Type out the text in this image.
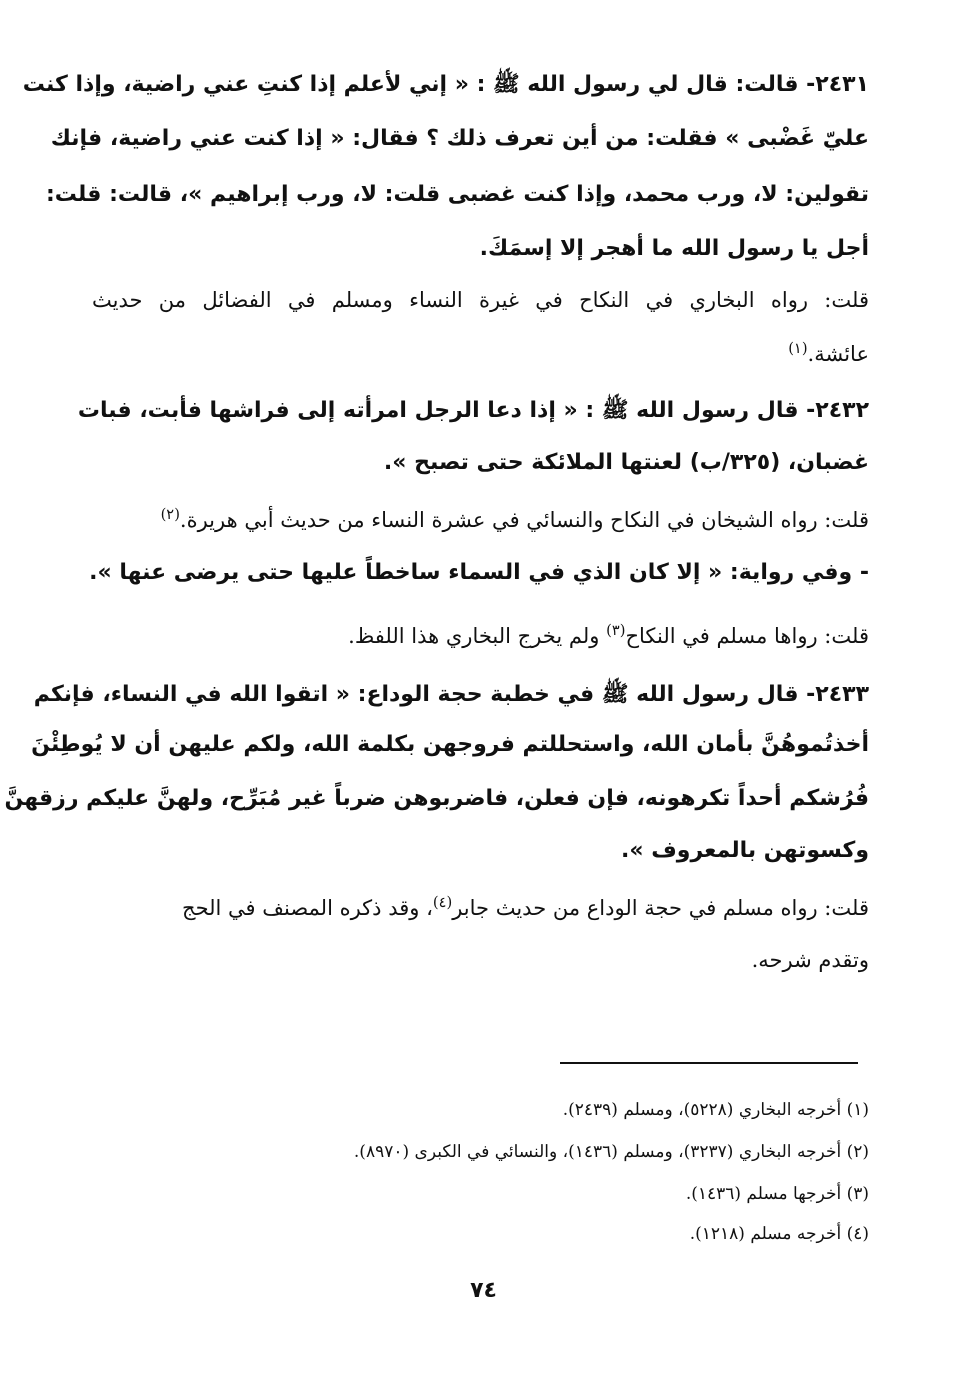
٢٤٣١- قالت: قال لي رسول الله ﷺ : « إني لأعلم إذا كنتِ عني راضية، وإذا كنت
عليّ غَضْبى » فقلت: من أين تعرف ذلك ؟ فقال: « إذا كنت عني راضية، فإنك
تقولين: لا، ورب محمد، وإذا كنت غضبى قلت: لا، ورب إبراهيم »، قالت: قلت:
أجل يا رسول الله ما أهجر إلا إسمَكَ.
قلت: رواه البخاري في النكاح في غيرة النساء ومسلم في الفضائل من حديث
عائشة.$^{(١)}$
٢٤٣٢- قال رسول الله ﷺ : « إذا دعا الرجل امرأته إلى فراشها فأبت، فبات
غضبان، (٣٢٥/ب) لعنتها الملائكة حتى تصبح ».
قلت: رواه الشيخان في النكاح والنسائي في عشرة النساء من حديث أبي هريرة.$^{(٢)}$
- وفي رواية: « إلا كان الذي في السماء ساخطاً عليها حتى يرضى عنها ».
قلت: رواها مسلم في النكاح$^{(٣)}$ ولم يخرج البخاري هذا اللفظ.
٢٤٣٣- قال رسول الله ﷺ في خطبة حجة الوداع: « اتقوا الله في النساء، فإنكم
أخذتُموهُنَّ بأمان الله، واستحللتم فروجهن بكلمة الله، ولكم عليهن أن لا يُوطِئْنَ
فُرُشكم أحداً تكرهونه، فإن فعلن، فاضربوهن ضرباً غير مُبَرِّح، ولهنَّ عليكم رزقهنَّ
وكسوتهن بالمعروف ».
قلت: رواه مسلم في حجة الوداع من حديث جابر$^{(٤)}$، وقد ذكره المصنف في الحج
وتقدم شرحه.
(١) أخرجه البخاري (٥٢٢٨)، ومسلم (٢٤٣٩).
(٢) أخرجه البخاري (٣٢٣٧)، ومسلم (١٤٣٦)، والنسائي في الكبرى (٨٩٧٠).
(٣) أخرجها مسلم (١٤٣٦).
(٤) أخرجه مسلم (١٢١٨).
٧٤
